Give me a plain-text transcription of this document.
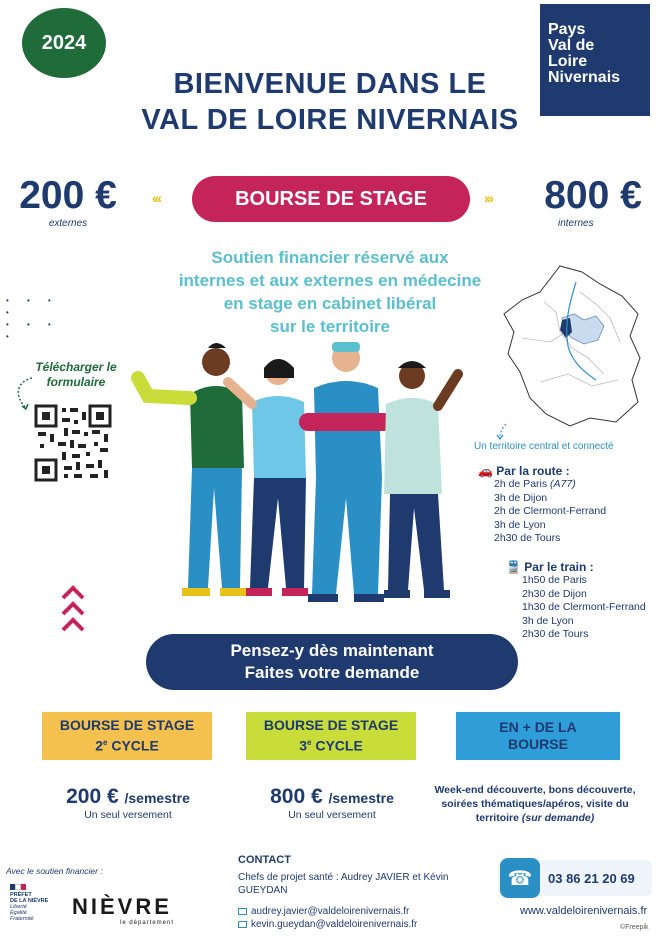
2024
Pays
Val de
Loire
Nivernais
BIENVENUE DANS LE
VAL DE LOIRE NIVERNAIS
200 €
externes
‹‹‹	BOURSE DE STAGE	›››	800 €
internes
Soutien financier réservé aux
internes et aux externes en médecine
en stage en cabinet libéral
sur le territoire
• • • •
• • • •
Télécharger le
formulaire
Un territoire central et connecté
🚗 Par la route :
2h de Paris (A77)
3h de Dijon
2h de Clermont-Ferrand
3h de Lyon
2h30 de Tours
🚆 Par le train :
1h50 de Paris
2h30 de Dijon
1h30 de Clermont-Ferrand
3h de Lyon
2h30 de Tours
Pensez-y dès maintenant
Faites votre demande
BOURSE DE STAGE
2e CYCLE
BOURSE DE STAGE
3e CYCLE
EN + DE LA
BOURSE
200 € /semestre
Un seul versement
800 € /semestre
Un seul versement
Week-end découverte, bons découverte, soirées thématiques/apéros, visite du territoire (sur demande)
Avec le soutien financier :
PRÉFET
DE LA NIÈVRE
Liberté
Égalité
Fraternité	NIÈVRE
le département
CONTACT
Chefs de projet santé : Audrey JAVIER et Kévin GUEYDAN
audrey.javier@valdeloirenivernais.fr
kevin.gueydan@valdeloirenivernais.fr
☎	03 86 21 20 69
www.valdeloirenivernais.fr
©Freepik
